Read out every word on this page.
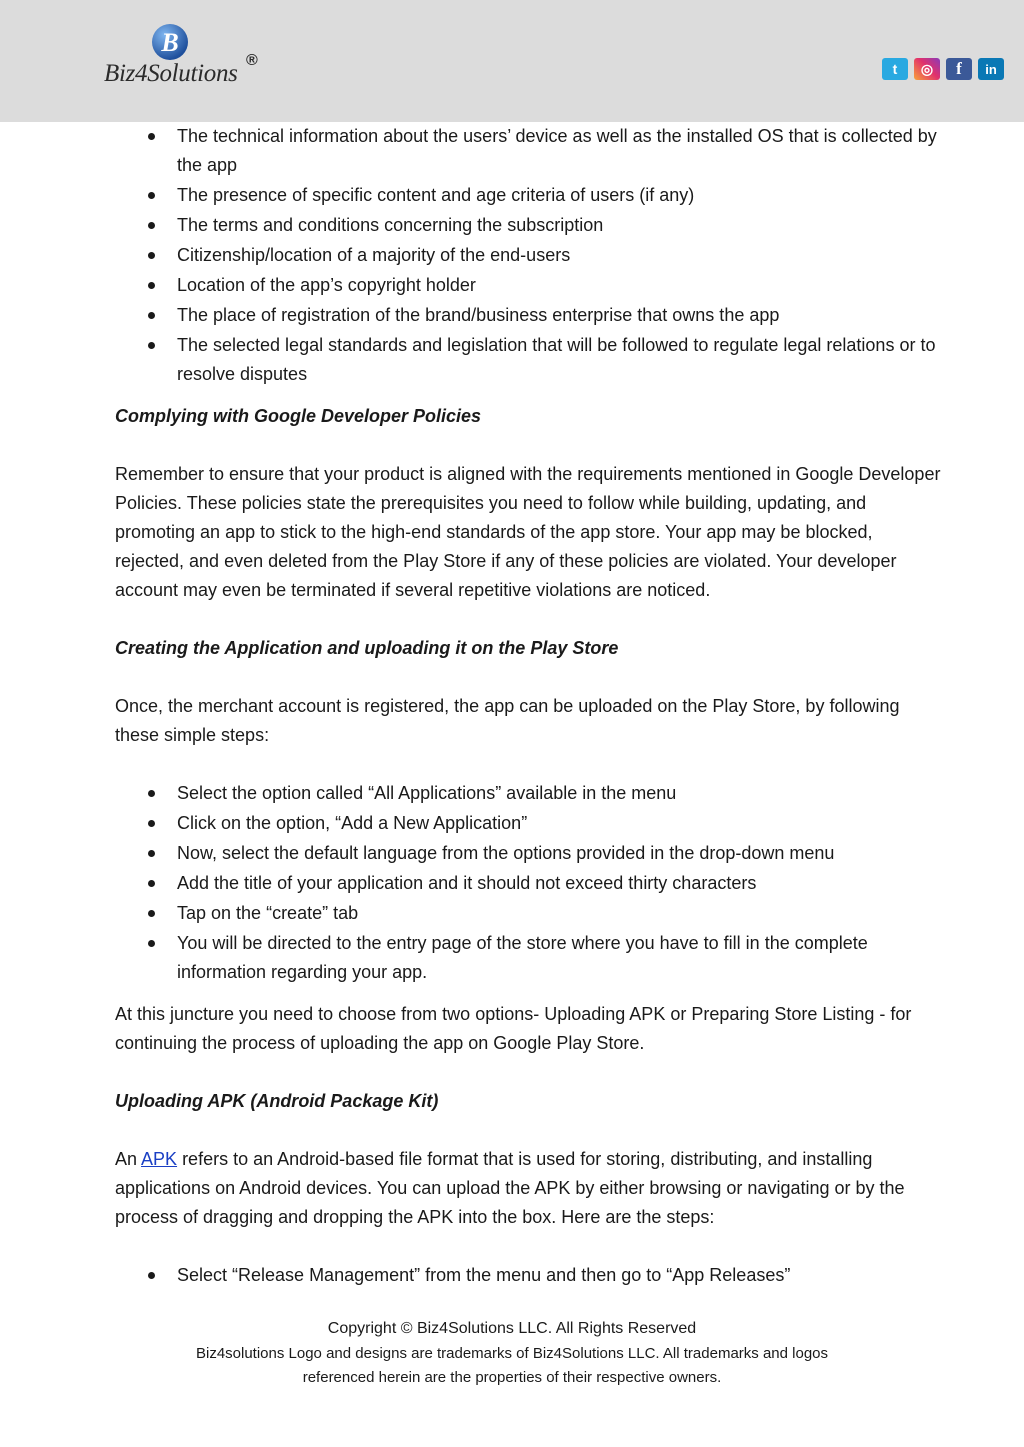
B
Biz4Solutions ®	t	◎	f	in
The technical information about the users’ device as well as the installed OS that is collected by the app
The presence of specific content and age criteria of users (if any)
The terms and conditions concerning the subscription
Citizenship/location of a majority of the end-users
Location of the app’s copyright holder
The place of registration of the brand/business enterprise that owns the app
The selected legal standards and legislation that will be followed to regulate legal relations or to resolve disputes

Complying with Google Developer Policies

Remember to ensure that your product is aligned with the requirements mentioned in Google Developer Policies. These policies state the prerequisites you need to follow while building, updating, and promoting an app to stick to the high-end standards of the app store. Your app may be blocked, rejected, and even deleted from the Play Store if any of these policies are violated. Your developer account may even be terminated if several repetitive violations are noticed.

Creating the Application and uploading it on the Play Store

Once, the merchant account is registered, the app can be uploaded on the Play Store, by following these simple steps:

Select the option called “All Applications” available in the menu
Click on the option, “Add a New Application”
Now, select the default language from the options provided in the drop-down menu
Add the title of your application and it should not exceed thirty characters
Tap on the “create” tab
You will be directed to the entry page of the store where you have to fill in the complete information regarding your app.

At this juncture you need to choose from two options- Uploading APK or Preparing Store Listing - for continuing the process of uploading the app on Google Play Store.

Uploading APK (Android Package Kit)

An APK refers to an Android-based file format that is used for storing, distributing, and installing applications on Android devices. You can upload the APK by either browsing or navigating or by the process of dragging and dropping the APK into the box. Here are the steps:

Select “Release Management” from the menu and then go to “App Releases”
Copyright © Biz4Solutions LLC. All Rights Reserved
Biz4solutions Logo and designs are trademarks of Biz4Solutions LLC. All trademarks and logos
referenced herein are the properties of their respective owners.
